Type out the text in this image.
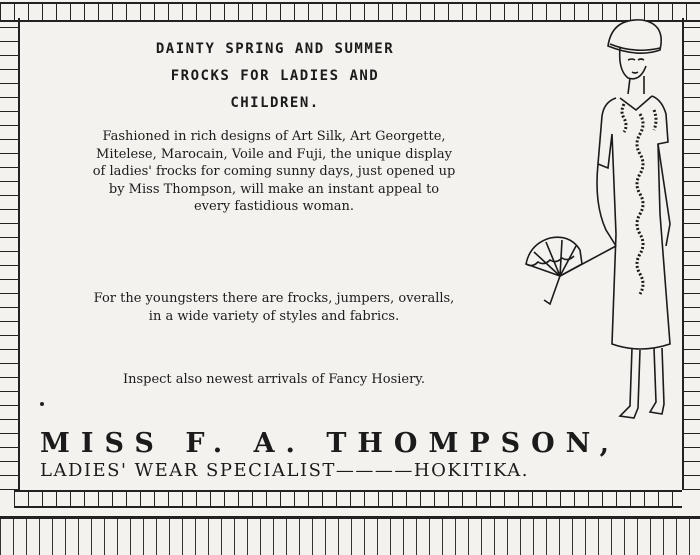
DAINTY SPRING AND SUMMER
FROCKS FOR LADIES AND
CHILDREN.
Fashioned in rich designs of Art Silk, Art Georgette, Mitelese, Marocain, Voile and Fuji, the unique display of ladies' frocks for coming sunny days, just opened up by Miss Thompson, will make an instant appeal to every fastidious woman.
For the youngsters there are frocks, jumpers, overalls, in a wide variety of styles and fabrics.
Inspect also newest arrivals of Fancy Hosiery.
MISS F. A. THOMPSON,
LADIES' WEAR SPECIALIST————HOKITIKA.
